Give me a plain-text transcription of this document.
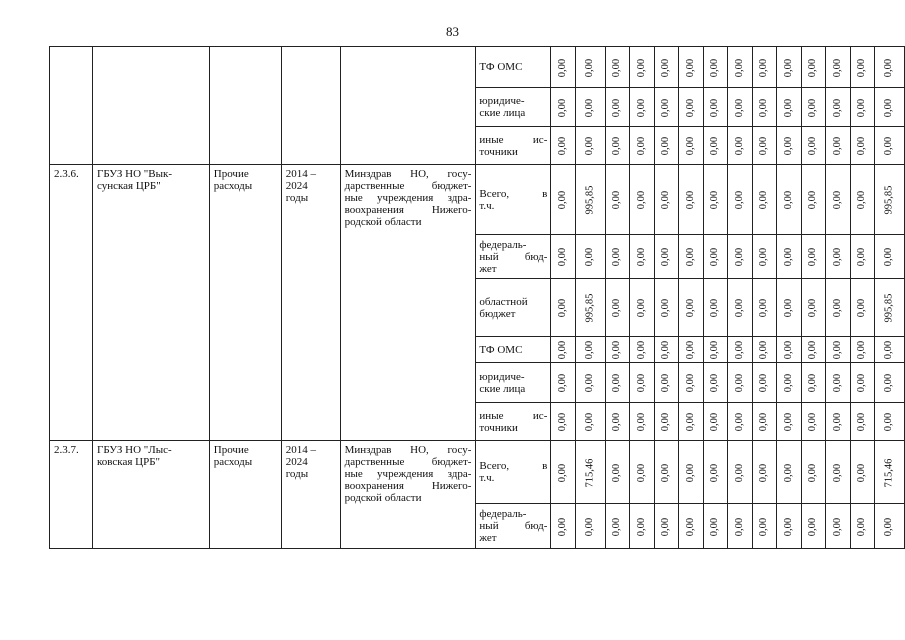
83

					ТФ ОМС	0,00	0,00	0,00	0,00	0,00	0,00	0,00	0,00	0,00	0,00	0,00	0,00	0,00	0,00

					юридиче-
ские лица	0,00	0,00	0,00	0,00	0,00	0,00	0,00	0,00	0,00	0,00	0,00	0,00	0,00	0,00

					иные ис-
точники	0,00	0,00	0,00	0,00	0,00	0,00	0,00	0,00	0,00	0,00	0,00	0,00	0,00	0,00
2.3.6.	ГБУЗ НО "Вык-
сунская ЦРБ"	Прочие
расходы	2014 –
2024
годы	Минздрав НО, госу-
дарственные бюджет-
ные учреждения здра-
воохранения Нижего-
родской области	Всего, в
т.ч.	0,00	995,85	0,00	0,00	0,00	0,00	0,00	0,00	0,00	0,00	0,00	0,00	0,00	995,85

					федераль-
ный бюд-
жет	0,00	0,00	0,00	0,00	0,00	0,00	0,00	0,00	0,00	0,00	0,00	0,00	0,00	0,00

					областной
бюджет	0,00	995,85	0,00	0,00	0,00	0,00	0,00	0,00	0,00	0,00	0,00	0,00	0,00	995,85

					ТФ ОМС	0,00	0,00	0,00	0,00	0,00	0,00	0,00	0,00	0,00	0,00	0,00	0,00	0,00	0,00

					юридиче-
ские лица	0,00	0,00	0,00	0,00	0,00	0,00	0,00	0,00	0,00	0,00	0,00	0,00	0,00	0,00

					иные ис-
точники	0,00	0,00	0,00	0,00	0,00	0,00	0,00	0,00	0,00	0,00	0,00	0,00	0,00	0,00
2.3.7.	ГБУЗ НО "Лыс-
ковская ЦРБ"	Прочие
расходы	2014 –
2024
годы	Минздрав НО, госу-
дарственные бюджет-
ные учреждения здра-
воохранения Нижего-
родской области	Всего, в
т.ч.	0,00	715,46	0,00	0,00	0,00	0,00	0,00	0,00	0,00	0,00	0,00	0,00	0,00	715,46

					федераль-
ный бюд-
жет	0,00	0,00	0,00	0,00	0,00	0,00	0,00	0,00	0,00	0,00	0,00	0,00	0,00	0,00
